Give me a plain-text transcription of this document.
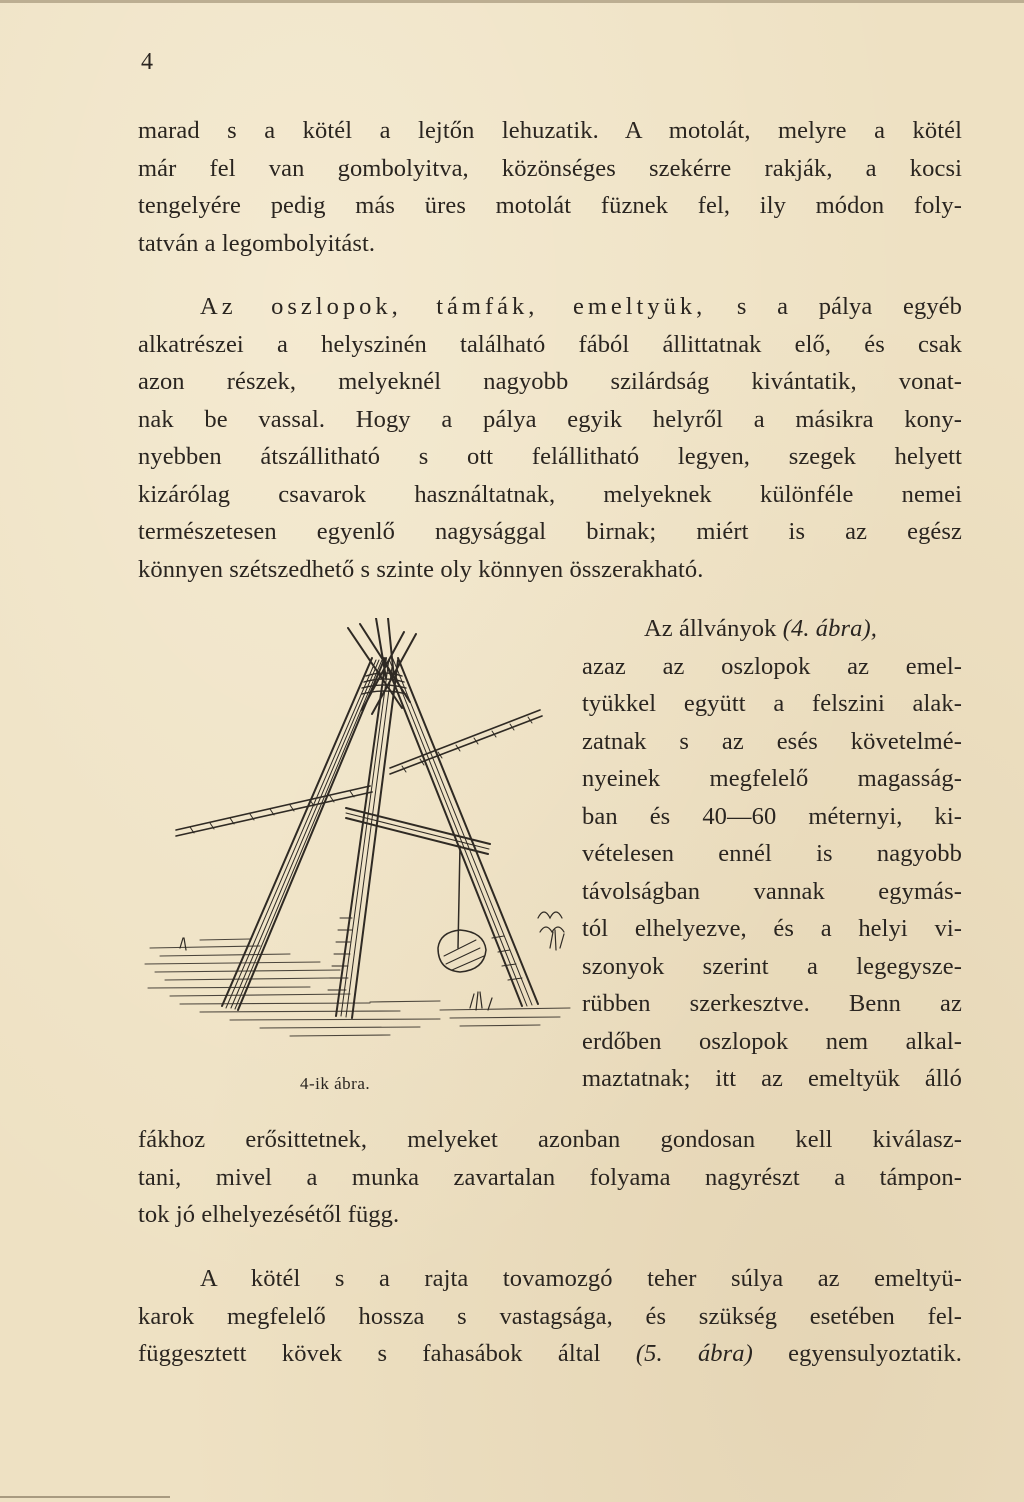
4
marad s a kötél a lejtőn lehuzatik. A motolát, melyre a kötél
már fel van gombolyitva, közönséges szekérre rakják, a kocsi
tengelyére pedig más üres motolát füznek fel, ily módon foly-
tatván a legombolyitást.
Az oszlopok, támfák, emeltyük, s a pálya egyéb
alkatrészei a helyszinén található fából állittatnak elő, és csak
azon részek, melyeknél nagyobb szilárdság kivántatik, vonat-
nak be vassal. Hogy a pálya egyik helyről a másikra kony-
nyebben átszállitható s ott felállitható legyen, szegek helyett
kizárólag csavarok használtatnak, melyeknek különféle nemei
természetesen egyenlő nagysággal birnak; miért is az egész
könnyen szétszedhető s szinte oly könnyen összerakható.
4-ik ábra.
Az állványok (4. ábra),
azaz az oszlopok az emel-
tyükkel együtt a felszini alak-
zatnak s az esés követelmé-
nyeinek megfelelő magasság-
ban és 40—60 méternyi, ki-
vételesen ennél is nagyobb
távolságban vannak egymás-
tól elhelyezve, és a helyi vi-
szonyok szerint a legegysze-
rübben szerkesztve. Benn az
erdőben oszlopok nem alkal-
maztatnak; itt az emeltyük álló
fákhoz erősittetnek, melyeket azonban gondosan kell kiválasz-
tani, mivel a munka zavartalan folyama nagyrészt a támpon-
tok jó elhelyezésétől függ.
A kötél s a rajta tovamozgó teher súlya az emeltyü-
karok megfelelő hossza s vastagsága, és szükség esetében fel-
függesztett kövek s fahasábok által (5. ábra) egyensulyoztatik.
